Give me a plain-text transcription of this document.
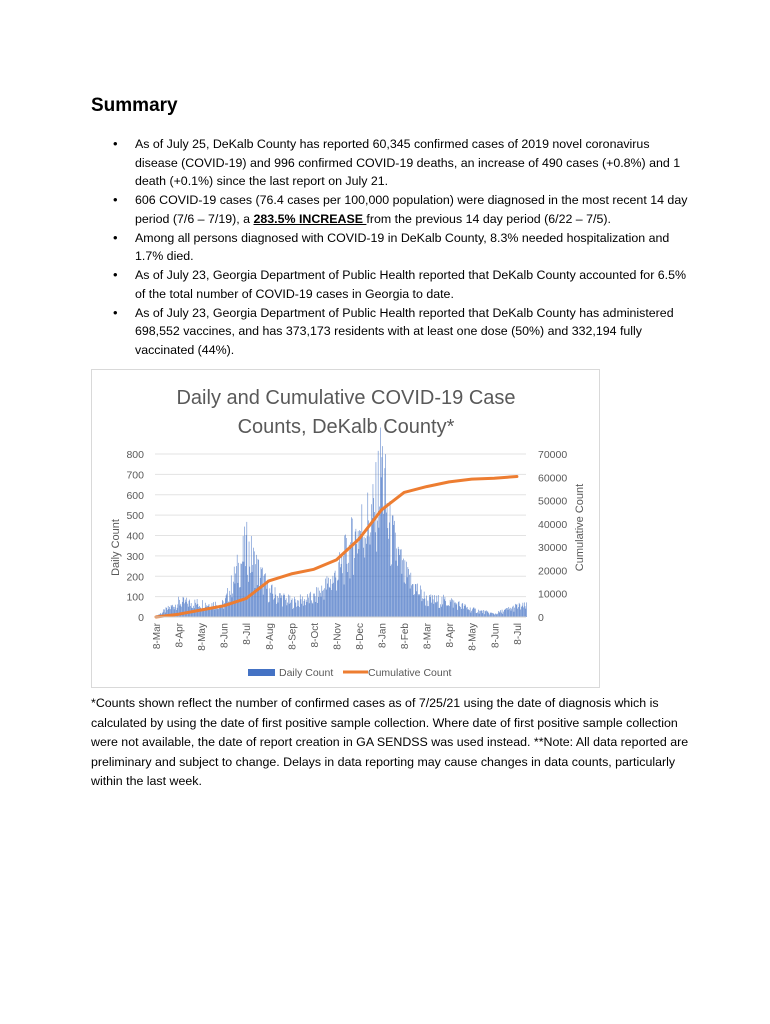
Summary
• As of July 25, DeKalb County has reported 60,345 confirmed cases of 2019 novel coronavirus disease (COVID-19) and 996 confirmed COVID-19 deaths, an increase of 490 cases (+0.8%) and 1 death (+0.1%) since the last report on July 21.
• 606 COVID-19 cases (76.4 cases per 100,000 population) were diagnosed in the most recent 14 day period (7/6 – 7/19), a 283.5% INCREASE from the previous 14 day period (6/22 – 7/5).
• Among all persons diagnosed with COVID-19 in DeKalb County, 8.3% needed hospitalization and 1.7% died.
• As of July 23, Georgia Department of Public Health reported that DeKalb County accounted for 6.5% of the total number of COVID-19 cases in Georgia to date.
• As of July 23, Georgia Department of Public Health reported that DeKalb County has administered 698,552 vaccines, and has 373,173 residents with at least one dose (50%) and 332,194 fully vaccinated (44%).
Daily and Cumulative COVID-19 Case
Counts, DeKalb County*
0
100
200
300
400
500
600
700
800
0
10000
20000
30000
40000
50000
60000
70000
Daily Count	Cumulative Count
8-Mar 8-Apr 8-May 8-Jun 8-Jul 8-Aug 8-Sep 8-Oct 8-Nov 8-Dec 8-Jan 8-Feb 8-Mar 8-Apr 8-May 8-Jun 8-Jul
Daily Count	Cumulative Count

*Counts shown reflect the number of confirmed cases as of 7/25/21 using the date of diagnosis which is calculated by using the date of first positive sample collection. Where date of first positive sample collection were not available, the date of report creation in GA SENDSS was used instead. **Note: All data reported are preliminary and subject to change. Delays in data reporting may cause changes in data counts, particularly within the last week.
